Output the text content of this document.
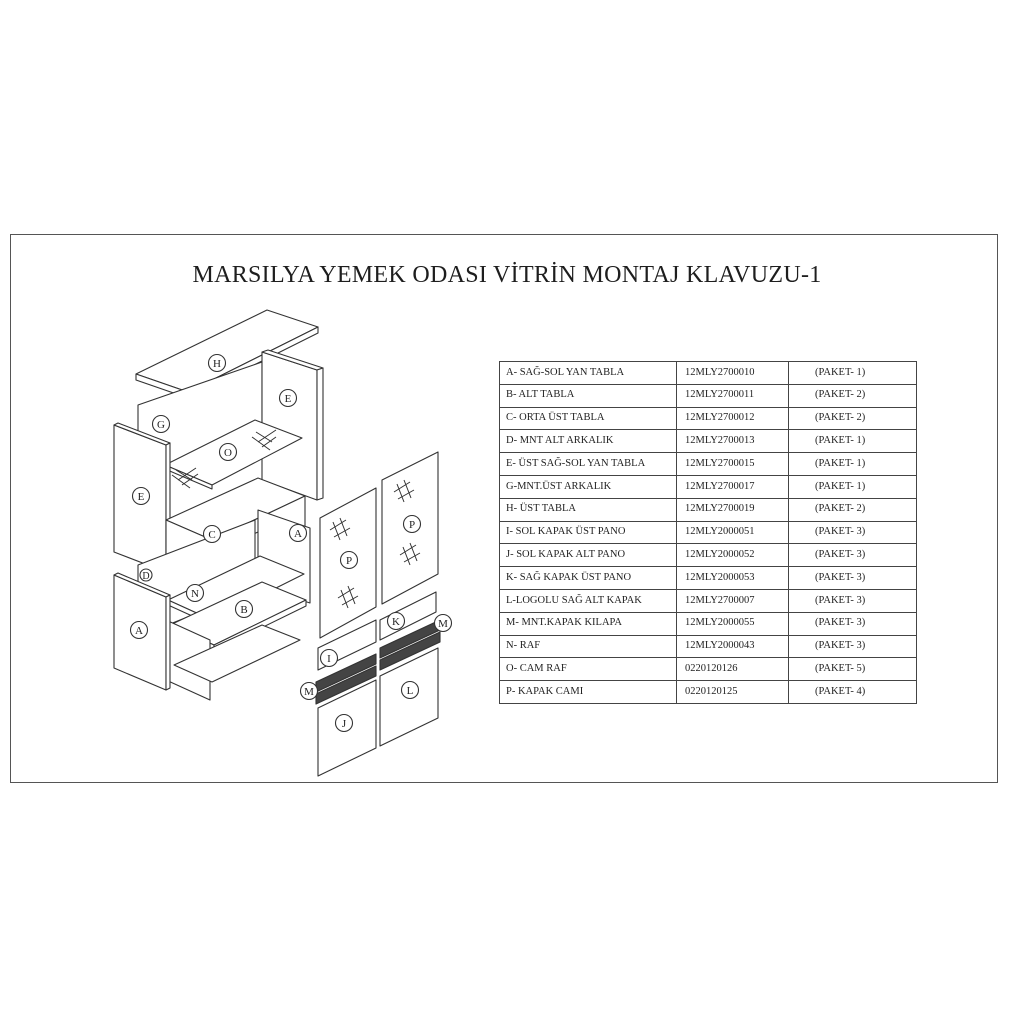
MARSILYA YEMEK ODASI VİTRİN MONTAJ KLAVUZU-1
H
G
E
E
O
C	A
D
N
B
A
P
P
K	M
I
M
J
L
A- SAĞ-SOL YAN TABLA	12MLY2700010	(PAKET- 1)
B- ALT TABLA	12MLY2700011	(PAKET- 2)
C- ORTA ÜST TABLA	12MLY2700012	(PAKET- 2)
D- MNT ALT ARKALIK	12MLY2700013	(PAKET- 1)
E- ÜST SAĞ-SOL YAN TABLA	12MLY2700015	(PAKET- 1)
G-MNT.ÜST ARKALIK	12MLY2700017	(PAKET- 1)
H- ÜST TABLA	12MLY2700019	(PAKET- 2)
I- SOL KAPAK ÜST PANO	12MLY2000051	(PAKET- 3)
J- SOL KAPAK ALT PANO	12MLY2000052	(PAKET- 3)
K- SAĞ KAPAK ÜST PANO	12MLY2000053	(PAKET- 3)
L-LOGOLU SAĞ ALT KAPAK	12MLY2700007	(PAKET- 3)
M- MNT.KAPAK KILAPA	12MLY2000055	(PAKET- 3)
N- RAF	12MLY2000043	(PAKET- 3)
O- CAM RAF	0220120126	(PAKET- 5)
P- KAPAK CAMI	0220120125	(PAKET- 4)
